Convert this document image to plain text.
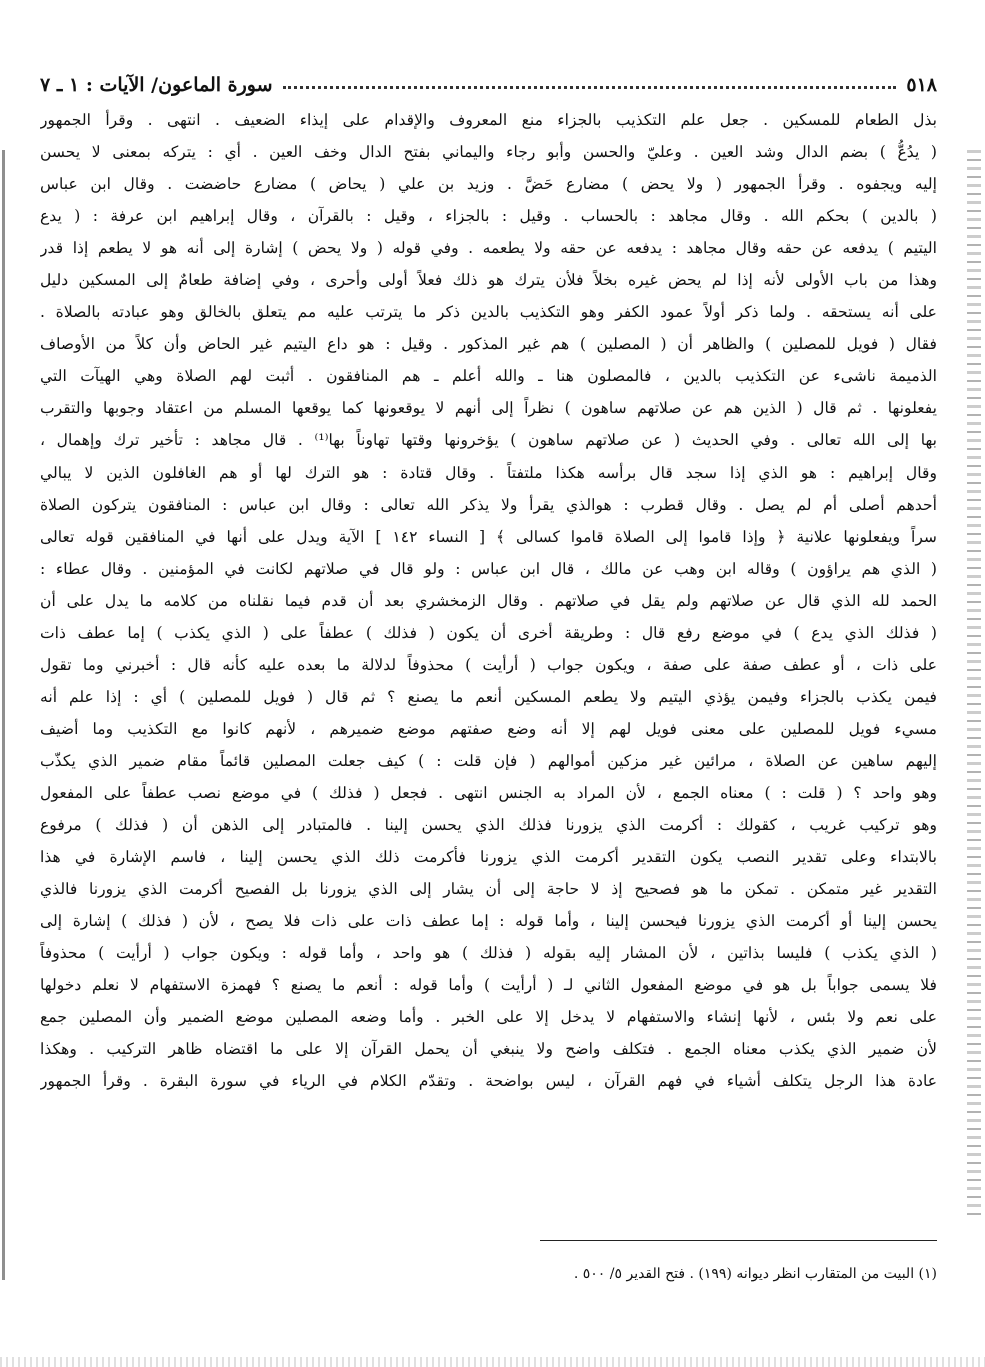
٥١٨
سورة الماعون/ الآيات : ١ ـ ٧
بذل الطعام للمسكين . جعل علم التكذيب بالجزاء منع المعروف والإقدام على إيذاء الضعيف . انتهى . وقرأ الجمهور
( يدُعُّ ) بضم الدال وشد العين . وعليّ والحسن وأبو رجاء واليماني بفتح الدال وخف العين . أي : يتركه بمعنى لا يحسن
إليه ويجفوه . وقرأ الجمهور ( ولا يحض ) مضارع حَضَّ . وزيد بن علي ( يحاض ) مضارع حاضضت . وقال ابن عباس
( بالدين ) بحكم الله . وقال مجاهد : بالحساب . وقيل : بالجزاء ، وقيل : بالقرآن ، وقال إبراهيم ابن عرفة : ( يدع
اليتيم ) يدفعه عن حقه وقال مجاهد : يدفعه عن حقه ولا يطعمه . وفي قوله ( ولا يحض ) إشارة إلى أنه هو لا يطعم إذا قدر
وهذا من باب الأولى لأنه إذا لم يحض غيره بخلاً فلأن يترك هو ذلك فعلاً أولى وأحرى ، وفي إضافة طعامٌ إلى المسكين دليل
على أنه يستحقه . ولما ذكر أولاً عمود الكفر وهو التكذيب بالدين ذكر ما يترتب عليه مم يتعلق بالخالق وهو عبادته بالصلاة .
فقال ( فويل للمصلين ) والظاهر أن ( المصلين ) هم غير المذكور . وقيل : هو داع اليتيم غير الحاض وأن كلاً من الأوصاف
الذميمة ناشىء عن التكذيب بالدين ، فالمصلون هنا ـ والله أعلم ـ هم المنافقون . أثبت لهم الصلاة وهي الهيآت التي
يفعلونها . ثم قال ( الذين هم عن صلاتهم ساهون ) نظراً إلى أنهم لا يوقعونها كما يوقعها المسلم من اعتقاد وجوبها والتقرب
بها إلى الله تعالى . وفي الحديث ( عن صلاتهم ساهون ) يؤخرونها وقتها تهاوناً بها⁽¹⁾ . قال مجاهد : تأخير ترك وإهمال ،
وقال إبراهيم : هو الذي إذا سجد قال برأسه هكذا ملتفتاً . وقال قتادة : هو الترك لها أو هم الغافلون الذين لا يبالي
أحدهم أصلى أم لم يصل . وقال قطرب : هوالذي يقرأ ولا يذكر الله تعالى : وقال ابن عباس : المنافقون يتركون الصلاة
سراً ويفعلونها علانية ﴿ وإذا قاموا إلى الصلاة قاموا كسالى ﴾ [ النساء ١٤٢ ] الآية ويدل على أنها في المنافقين قوله تعالى
( الذي هم يراؤون ) وقاله ابن وهب عن مالك ، قال ابن عباس : ولو قال في صلاتهم لكانت في المؤمنين . وقال عطاء :
الحمد لله الذي قال عن صلاتهم ولم يقل في صلاتهم . وقال الزمخشري بعد أن قدم فيما نقلناه من كلامه ما يدل على أن
( فذلك الذي يدع ) في موضع رفع قال : وطريقة أخرى أن يكون ( فذلك ) عطفاً على ( الذي يكذب ) إما عطف ذات
على ذات ، أو عطف صفة على صفة ، ويكون جواب ( أرأيت ) محذوفاً لدلالة ما بعده عليه كأنه قال : أخبرني وما تقول
فيمن يكذب بالجزاء وفيمن يؤذي اليتيم ولا يطعم المسكين أنعم ما يصنع ؟ ثم قال ( فويل للمصلين ) أي : إذا علم أنه
مسيء فويل للمصلين على معنى فويل لهم إلا أنه وضع صفتهم موضع ضميرهم ، لأنهم كانوا مع التكذيب وما أضيف
إليهم ساهين عن الصلاة ، مرائين غير مزكين أموالهم ( فإن قلت : ) كيف جعلت المصلين قائماً مقام ضمير الذي يكذّب
وهو واحد ؟ ( قلت : ) معناه الجمع ، لأن المراد به الجنس انتهى . فجعل ( فذلك ) في موضع نصب عطفاً على المفعول
وهو تركيب غريب ، كقولك : أكرمت الذي يزورنا فذلك الذي يحسن إلينا . فالمتبادر إلى الذهن أن ( فذلك ) مرفوع
بالابتداء وعلى تقدير النصب يكون التقدير أكرمت الذي يزورنا فأكرمت ذلك الذي يحسن إلينا ، فاسم الإشارة في هذا
التقدير غير متمكن . تمكن ما هو فصحيح إذ لا حاجة إلى أن يشار إلى الذي يزورنا بل الفصيح أكرمت الذي يزورنا فالذي
يحسن إلينا أو أكرمت الذي يزورنا فيحسن إلينا ، وأما قوله : إما عطف ذات على ذات فلا يصح ، لأن ( فذلك ) إشارة إلى
( الذي يكذب ) فليسا بذاتين ، لأن المشار إليه بقوله ( فذلك ) هو واحد ، وأما قوله : ويكون جواب ( أرأيت ) محذوفاً
فلا يسمى جواباً بل هو في موضع المفعول الثاني لـ ( أرأيت ) وأما قوله : أنعم ما يصنع ؟ فهمزة الاستفهام لا نعلم دخولها
على نعم ولا بئس ، لأنها إنشاء والاستفهام لا يدخل إلا على الخبر . وأما وضعه المصلين موضع الضمير وأن المصلين جمع
لأن ضمير الذي يكذب معناه الجمع . فتكلف واضح ولا ينبغي أن يحمل القرآن إلا على ما اقتضاه ظاهر التركيب . وهكذا
عادة هذا الرجل يتكلف أشياء في فهم القرآن ، ليس بواضحة . وتقدّم الكلام في الرياء في سورة البقرة . وقرأ الجمهور
(١) البيت من المتقارب انظر ديوانه (١٩٩) . فتح القدير ٥/ ٥٠٠ .
